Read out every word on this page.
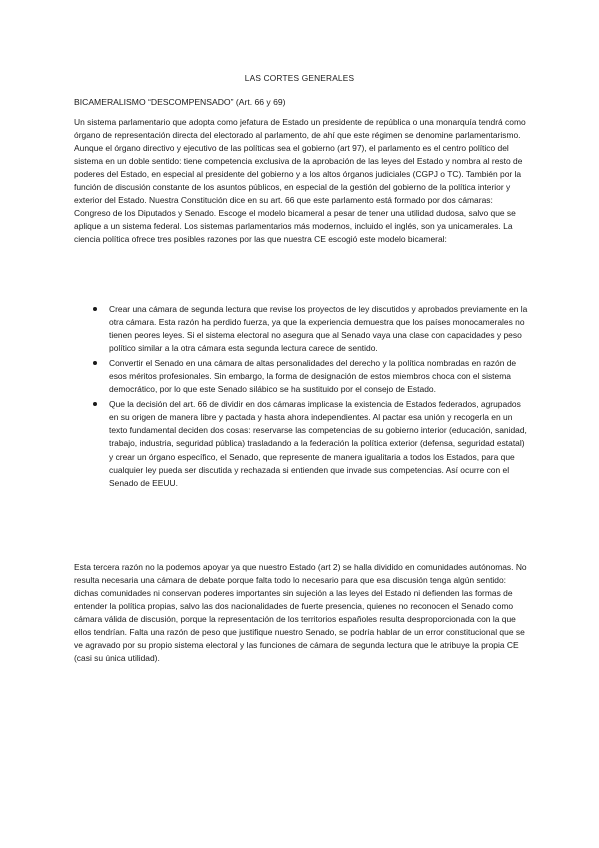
LAS CORTES GENERALES
BICAMERALISMO “DESCOMPENSADO” (Art. 66 y 69)

Un sistema parlamentario que adopta como jefatura de Estado un presidente de república o una monarquía tendrá como órgano de representación directa del electorado al parlamento, de ahí que este régimen se denomine parlamentarismo. Aunque el órgano directivo y ejecutivo de las políticas sea el gobierno (art 97), el parlamento es el centro político del sistema en un doble sentido: tiene competencia exclusiva de la aprobación de las leyes del Estado y nombra al resto de poderes del Estado, en especial al presidente del gobierno y a los altos órganos judiciales (CGPJ o TC). También por la función de discusión constante de los asuntos públicos, en especial de la gestión del gobierno de la política interior y exterior del Estado. Nuestra Constitución dice en su art. 66 que este parlamento está formado por dos cámaras: Congreso de los Diputados y Senado. Escoge el modelo bicameral a pesar de tener una utilidad dudosa, salvo que se aplique a un sistema federal. Los sistemas parlamentarios más modernos, incluido el inglés, son ya unicamerales. La ciencia política ofrece tres posibles razones por las que nuestra CE escogió este modelo bicameral:

Crear una cámara de segunda lectura que revise los proyectos de ley discutidos y aprobados previamente en la otra cámara. Esta razón ha perdido fuerza, ya que la experiencia demuestra que los países monocamerales no tienen peores leyes. Si el sistema electoral no asegura que al Senado vaya una clase con capacidades y peso político similar a la otra cámara esta segunda lectura carece de sentido.
Convertir el Senado en una cámara de altas personalidades del derecho y la política nombradas en razón de esos méritos profesionales. Sin embargo, la forma de designación de estos miembros choca con el sistema democrático, por lo que este Senado silábico se ha sustituido por el consejo de Estado.
Que la decisión del art. 66 de dividir en dos cámaras implicase la existencia de Estados federados, agrupados en su origen de manera libre y pactada y hasta ahora independientes. Al pactar esa unión y recogerla en un texto fundamental deciden dos cosas: reservarse las competencias de su gobierno interior (educación, sanidad, trabajo, industria, seguridad pública) trasladando a la federación la política exterior (defensa, seguridad estatal) y crear un órgano específico, el Senado, que represente de manera igualitaria a todos los Estados, para que cualquier ley pueda ser discutida y rechazada si entienden que invade sus competencias. Así ocurre con el Senado de EEUU.

Esta tercera razón no la podemos apoyar ya que nuestro Estado (art 2) se halla dividido en comunidades autónomas. No resulta necesaria una cámara de debate porque falta todo lo necesario para que esa discusión tenga algún sentido: dichas comunidades ni conservan poderes importantes sin sujeción a las leyes del Estado ni defienden las formas de entender la política propias, salvo las dos nacionalidades de fuerte presencia, quienes no reconocen el Senado como cámara válida de discusión, porque la representación de los territorios españoles resulta desproporcionada con la que ellos tendrían. Falta una razón de peso que justifique nuestro Senado, se podría hablar de un error constitucional que se ve agravado por su propio sistema electoral y las funciones de cámara de segunda lectura que le atribuye la propia CE (casi su única utilidad).
